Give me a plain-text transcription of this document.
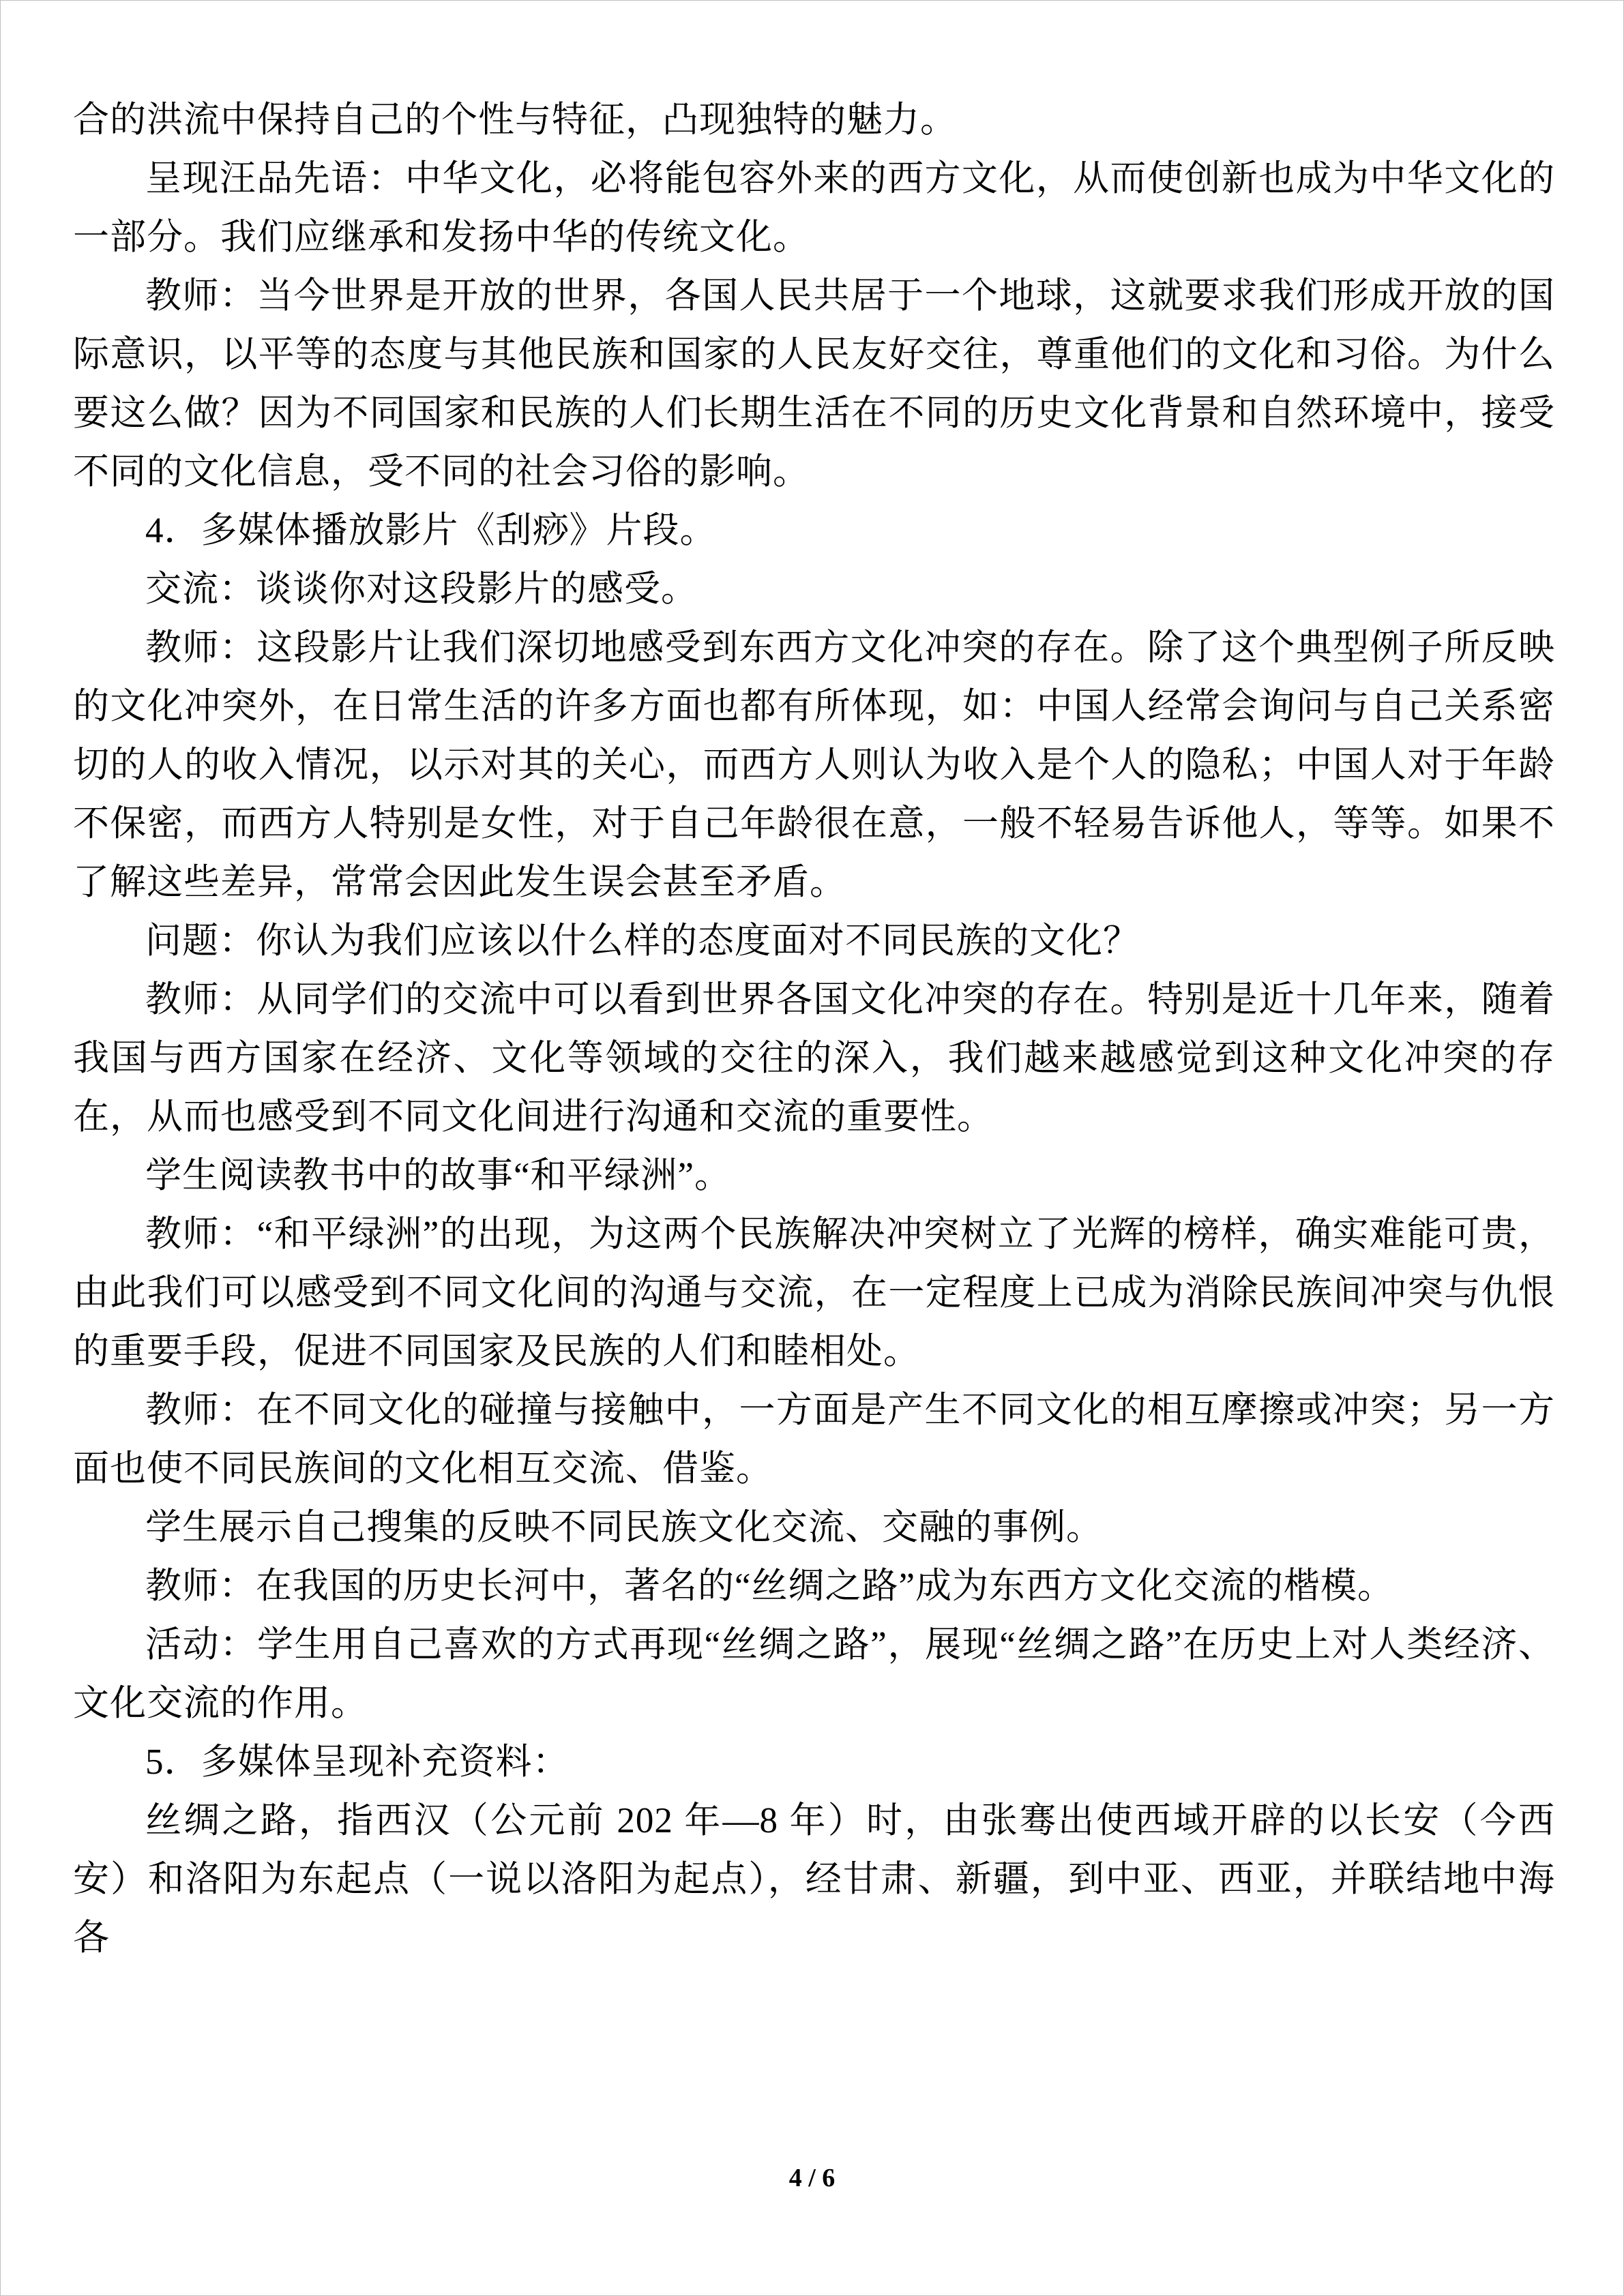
合的洪流中保持自己的个性与特征，凸现独特的魅力。

呈现汪品先语：中华文化，必将能包容外来的西方文化，从而使创新也成为中华文化的一部分。我们应继承和发扬中华的传统文化。

教师：当今世界是开放的世界，各国人民共居于一个地球，这就要求我们形成开放的国际意识，以平等的态度与其他民族和国家的人民友好交往，尊重他们的文化和习俗。为什么要这么做？因为不同国家和民族的人们长期生活在不同的历史文化背景和自然环境中，接受不同的文化信息，受不同的社会习俗的影响。

4．多媒体播放影片《刮痧》片段。

交流：谈谈你对这段影片的感受。

教师：这段影片让我们深切地感受到东西方文化冲突的存在。除了这个典型例子所反映的文化冲突外，在日常生活的许多方面也都有所体现，如：中国人经常会询问与自己关系密切的人的收入情况，以示对其的关心，而西方人则认为收入是个人的隐私；中国人对于年龄不保密，而西方人特别是女性，对于自己年龄很在意，一般不轻易告诉他人，等等。如果不了解这些差异，常常会因此发生误会甚至矛盾。

问题：你认为我们应该以什么样的态度面对不同民族的文化？

教师：从同学们的交流中可以看到世界各国文化冲突的存在。特别是近十几年来，随着我国与西方国家在经济、文化等领域的交往的深入，我们越来越感觉到这种文化冲突的存在，从而也感受到不同文化间进行沟通和交流的重要性。

学生阅读教书中的故事“和平绿洲”。

教师：“和平绿洲”的出现，为这两个民族解决冲突树立了光辉的榜样，确实难能可贵，由此我们可以感受到不同文化间的沟通与交流，在一定程度上已成为消除民族间冲突与仇恨的重要手段，促进不同国家及民族的人们和睦相处。

教师：在不同文化的碰撞与接触中，一方面是产生不同文化的相互摩擦或冲突；另一方面也使不同民族间的文化相互交流、借鉴。

学生展示自己搜集的反映不同民族文化交流、交融的事例。

教师：在我国的历史长河中，著名的“丝绸之路”成为东西方文化交流的楷模。

活动：学生用自己喜欢的方式再现“丝绸之路”，展现“丝绸之路”在历史上对人类经济、文化交流的作用。

5．多媒体呈现补充资料：

丝绸之路，指西汉（公元前 202 年—8 年）时，由张骞出使西域开辟的以长安（今西安）和洛阳为东起点（一说以洛阳为起点），经甘肃、新疆，到中亚、西亚，并联结地中海各

4 / 6
